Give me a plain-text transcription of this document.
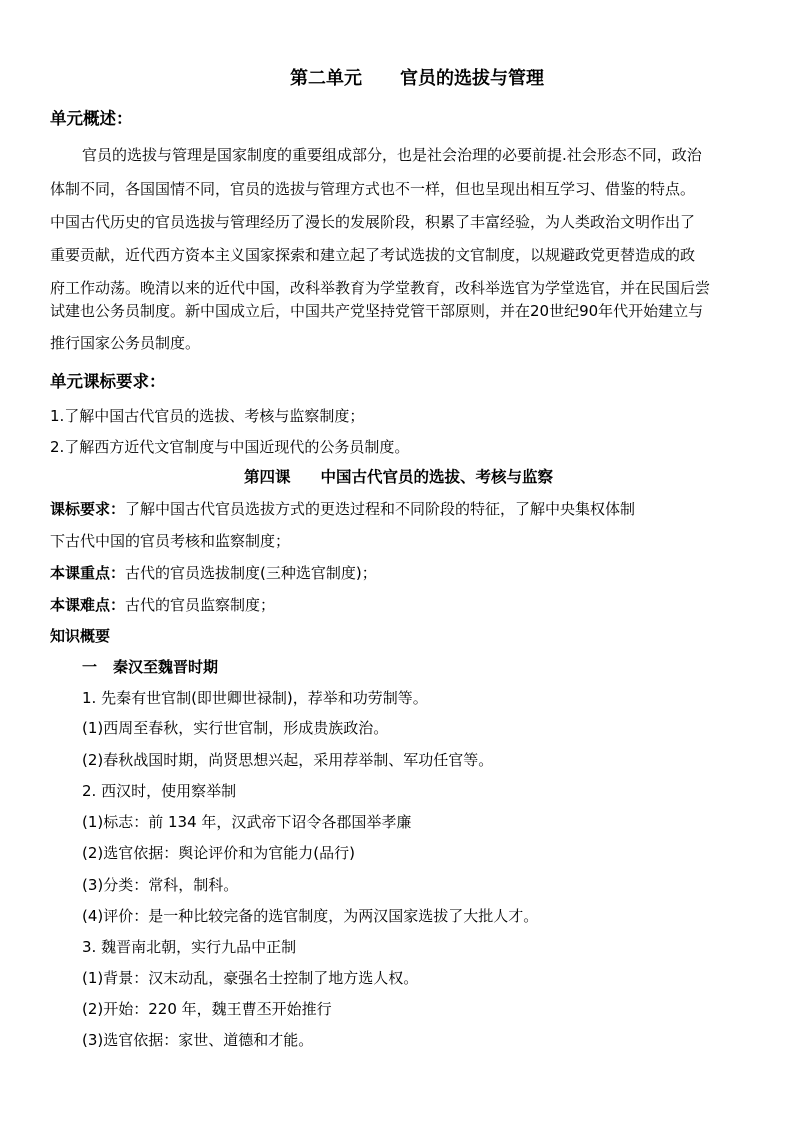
第二单元 官员的选拔与管理
单元概述：
官员的选拔与管理是国家制度的重要组成部分，也是社会治理的必要前提.社会形态不同，政治
体制不同，各国国情不同，官员的选拔与管理方式也不一样，但也呈现出相互学习、借鉴的特点。
中国古代历史的官员选拔与管理经历了漫长的发展阶段，积累了丰富经验，为人类政治文明作出了
重要贡献，近代西方资本主义国家探索和建立起了考试选拔的文官制度，以规避政党更替造成的政
府工作动荡。晚清以来的近代中国，改科举教育为学堂教育，改科举选官为学堂选官，并在民国后尝
试建也公务员制度。新中国成立后，中国共产党坚持党管干部原则，并在20世纪90年代开始建立与
推行国家公务员制度。
单元课标要求：
1.了解中国古代官员的选拔、考核与监察制度；
2.了解西方近代文官制度与中国近现代的公务员制度。
第四课 中国古代官员的选拔、考核与监察
课标要求：了解中国古代官员选拔方式的更迭过程和不同阶段的特征，了解中央集权体制
下古代中国的官员考核和监察制度；
本课重点：古代的官员选拔制度(三种选官制度)；
本课难点：古代的官员监察制度；
知识概要
一 秦汉至魏晋时期
1. 先秦有世官制(即世卿世禄制)，荐举和功劳制等。
(1)西周至春秋，实行世官制，形成贵族政治。
(2)春秋战国时期，尚贤思想兴起，采用荐举制、军功任官等。
2. 西汉时，使用察举制
(1)标志：前 134 年，汉武帝下诏令各郡国举孝廉
(2)选官依据：舆论评价和为官能力(品行)
(3)分类：常科，制科。
(4)评价：是一种比较完备的选官制度，为两汉国家选拔了大批人才。
3. 魏晋南北朝，实行九品中正制
(1)背景：汉末动乱，豪强名士控制了地方选人权。
(2)开始：220 年，魏王曹丕开始推行
(3)选官依据：家世、道德和才能。
